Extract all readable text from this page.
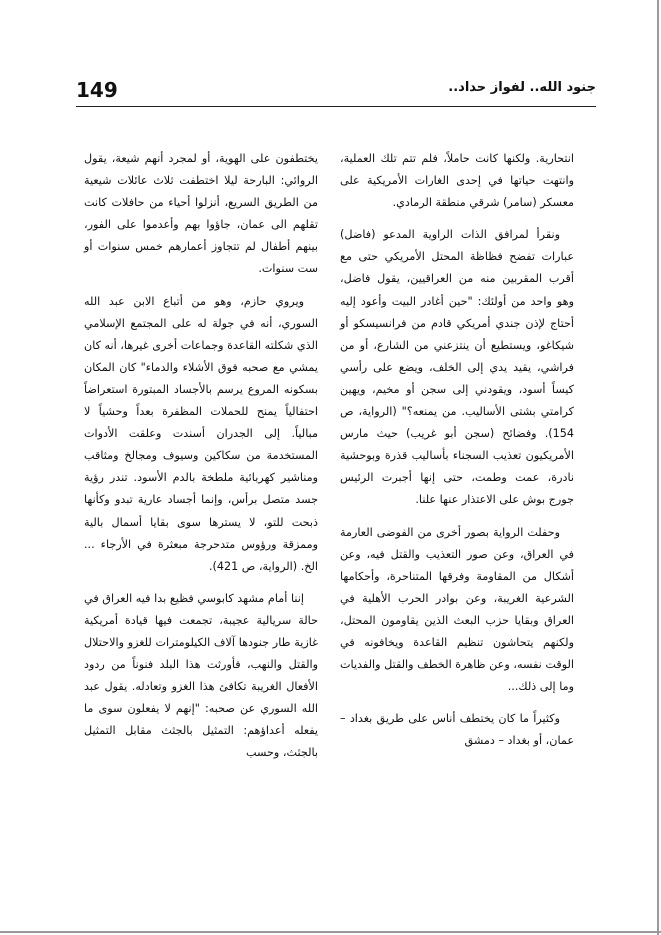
149	جنود الله.. لفواز حداد..

انتحارية. ولكنها كانت حاملاً، فلم تتم تلك العملية، وانتهت حياتها في إحدى الغارات الأمريكية على معسكر (سامر) شرقي منطقة الرمادي.

ونقرأ لمرافق الذات الراوية المدعو (فاضل) عبارات تفضح فظاظة المحتل الأمريكي حتى مع أقرب المقربين منه من العراقيين، يقول فاضل، وهو واحد من أولئك: "حين أغادر البيت وأعود إليه أحتاج لإذن جندي أمريكي قادم من فرانسيسكو أو شيكاغو، ويستطيع أن ينتزعني من الشارع، أو من فراشي، يقيد يدي إلى الخلف، ويضع على رأسي كيساً أسود، ويقودني إلى سجن أو مخيم، ويهين كرامتي بشتى الأساليب. من يمنعه؟" (الرواية، ص 154). وفضائح (سجن أبو غريب) حيث مارس الأمريكيون تعذيب السجناء بأساليب قذرة وبوحشية نادرة، عمت وطمت، حتى إنها أجبرت الرئيس جورج بوش على الاعتذار عنها علنا.

وحفلت الرواية بصور أخرى من الفوضى العارمة في العراق، وعن صور التعذيب والقتل فيه، وعن أشكال من المقاومة وفرقها المتناحرة، وأحكامها الشرعية الغريبة، وعن بوادر الحرب الأهلية في العراق وبقايا حزب البعث الذين يقاومون المحتل، ولكنهم يتحاشون تنظيم القاعدة ويخافونه في الوقت نفسه، وعن ظاهرة الخطف والقتل والفديات وما إلى ذلك...

وكثيراً ما كان يختطف أناس على طريق بغداد – عمان، أو بغداد – دمشق

يختطفون على الهوية، أو لمجرد أنهم شيعة، يقول الروائي: البارحة ليلا اختطفت ثلاث عائلات شيعية من الطريق السريع، أنزلوا أحياء من حافلات كانت تقلهم الى عمان، جاؤوا بهم وأعدموا على الفور، بينهم أطفال لم تتجاوز أعمارهم خمس سنوات أو ست سنوات.

ويروي حازم، وهو من أتباع الابن عبد الله السوري، أنه في جولة له على المجتمع الإسلامي الذي شكلته القاعدة وجماعات أخرى غيرها، أنه كان يمشي مع صحبه فوق الأشلاء والدماء" كان المكان بسكونه المروع يرسم بالأجساد المبتورة استعراضاً احتفالياً يمنح للحملات المظفرة بعداً وحشياً لا مبالياً. إلى الجدران أسندت وعلقت الأدوات المستخدمة من سكاكين وسيوف ومجالخ ومثاقب ومناشير كهربائية ملطخة بالدم الأسود. تندر رؤية جسد متصل برأس، وإنما أجساد عارية تبدو وكأنها ذبحت للتو، لا يسترها سوى بقايا أسمال بالية وممزقة ورؤوس متدحرجة مبعثرة في الأرجاء ... الخ. (الرواية، ص 421).

إننا أمام مشهد كابوسي فظيع بدا فيه العراق في حالة سريالية عجيبة، تجمعت فيها قيادة أمريكية غازية طار جنودها آلاف الكيلومترات للغزو والاحتلال والقتل والنهب، فأورثت هذا البلد فنوناً من ردود الأفعال الغريبة تكافئ هذا الغزو وتعادله. يقول عبد الله السوري عن صحبه: "إنهم لا يفعلون سوى ما يفعله أعداؤهم: التمثيل بالجثث مقابل التمثيل بالجثث، وحسب
